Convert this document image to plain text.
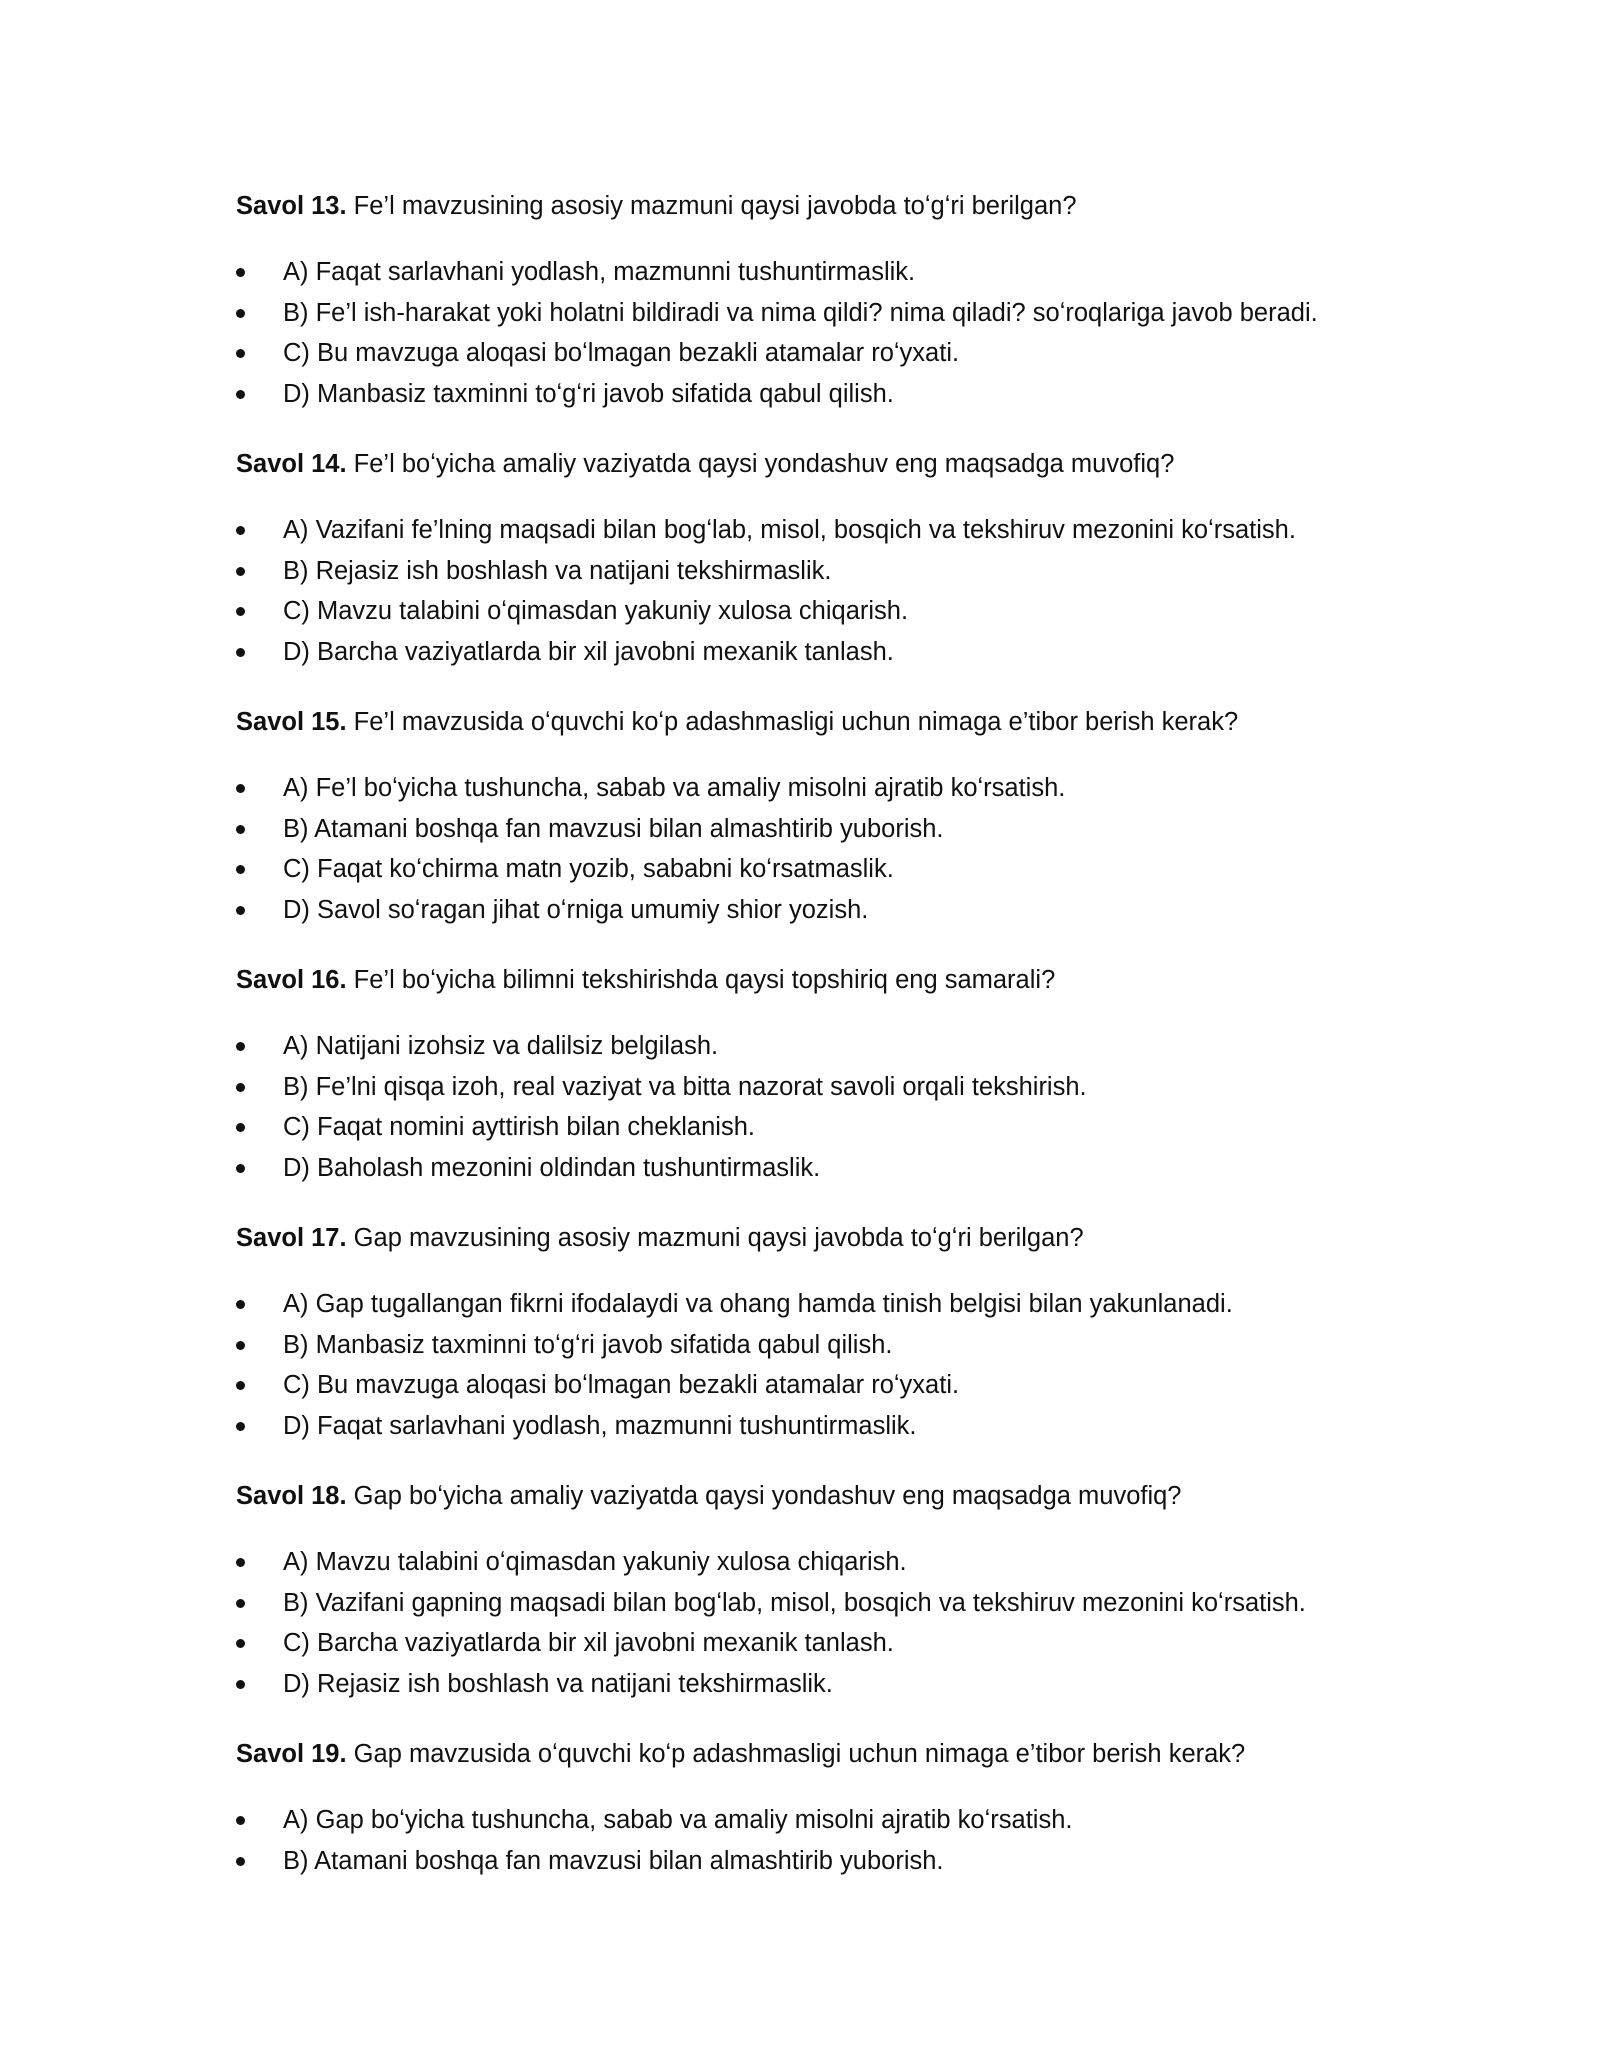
Savol 13. Fe’l mavzusining asosiy mazmuni qaysi javobda toʻgʻri berilgan?

A) Faqat sarlavhani yodlash, mazmunni tushuntirmaslik.
B) Fe’l ish-harakat yoki holatni bildiradi va nima qildi? nima qiladi? soʻroqlariga javob beradi.
C) Bu mavzuga aloqasi boʻlmagan bezakli atamalar roʻyxati.
D) Manbasiz taxminni toʻgʻri javob sifatida qabul qilish.

Savol 14. Fe’l boʻyicha amaliy vaziyatda qaysi yondashuv eng maqsadga muvofiq?

A) Vazifani fe’lning maqsadi bilan bogʻlab, misol, bosqich va tekshiruv mezonini koʻrsatish.
B) Rejasiz ish boshlash va natijani tekshirmaslik.
C) Mavzu talabini oʻqimasdan yakuniy xulosa chiqarish.
D) Barcha vaziyatlarda bir xil javobni mexanik tanlash.

Savol 15. Fe’l mavzusida oʻquvchi koʻp adashmasligi uchun nimaga e’tibor berish kerak?

A) Fe’l boʻyicha tushuncha, sabab va amaliy misolni ajratib koʻrsatish.
B) Atamani boshqa fan mavzusi bilan almashtirib yuborish.
C) Faqat koʻchirma matn yozib, sababni koʻrsatmaslik.
D) Savol soʻragan jihat oʻrniga umumiy shior yozish.

Savol 16. Fe’l boʻyicha bilimni tekshirishda qaysi topshiriq eng samarali?

A) Natijani izohsiz va dalilsiz belgilash.
B) Fe’lni qisqa izoh, real vaziyat va bitta nazorat savoli orqali tekshirish.
C) Faqat nomini ayttirish bilan cheklanish.
D) Baholash mezonini oldindan tushuntirmaslik.

Savol 17. Gap mavzusining asosiy mazmuni qaysi javobda toʻgʻri berilgan?

A) Gap tugallangan fikrni ifodalaydi va ohang hamda tinish belgisi bilan yakunlanadi.
B) Manbasiz taxminni toʻgʻri javob sifatida qabul qilish.
C) Bu mavzuga aloqasi boʻlmagan bezakli atamalar roʻyxati.
D) Faqat sarlavhani yodlash, mazmunni tushuntirmaslik.

Savol 18. Gap boʻyicha amaliy vaziyatda qaysi yondashuv eng maqsadga muvofiq?

A) Mavzu talabini oʻqimasdan yakuniy xulosa chiqarish.
B) Vazifani gapning maqsadi bilan bogʻlab, misol, bosqich va tekshiruv mezonini koʻrsatish.
C) Barcha vaziyatlarda bir xil javobni mexanik tanlash.
D) Rejasiz ish boshlash va natijani tekshirmaslik.

Savol 19. Gap mavzusida oʻquvchi koʻp adashmasligi uchun nimaga e’tibor berish kerak?

A) Gap boʻyicha tushuncha, sabab va amaliy misolni ajratib koʻrsatish.
B) Atamani boshqa fan mavzusi bilan almashtirib yuborish.
